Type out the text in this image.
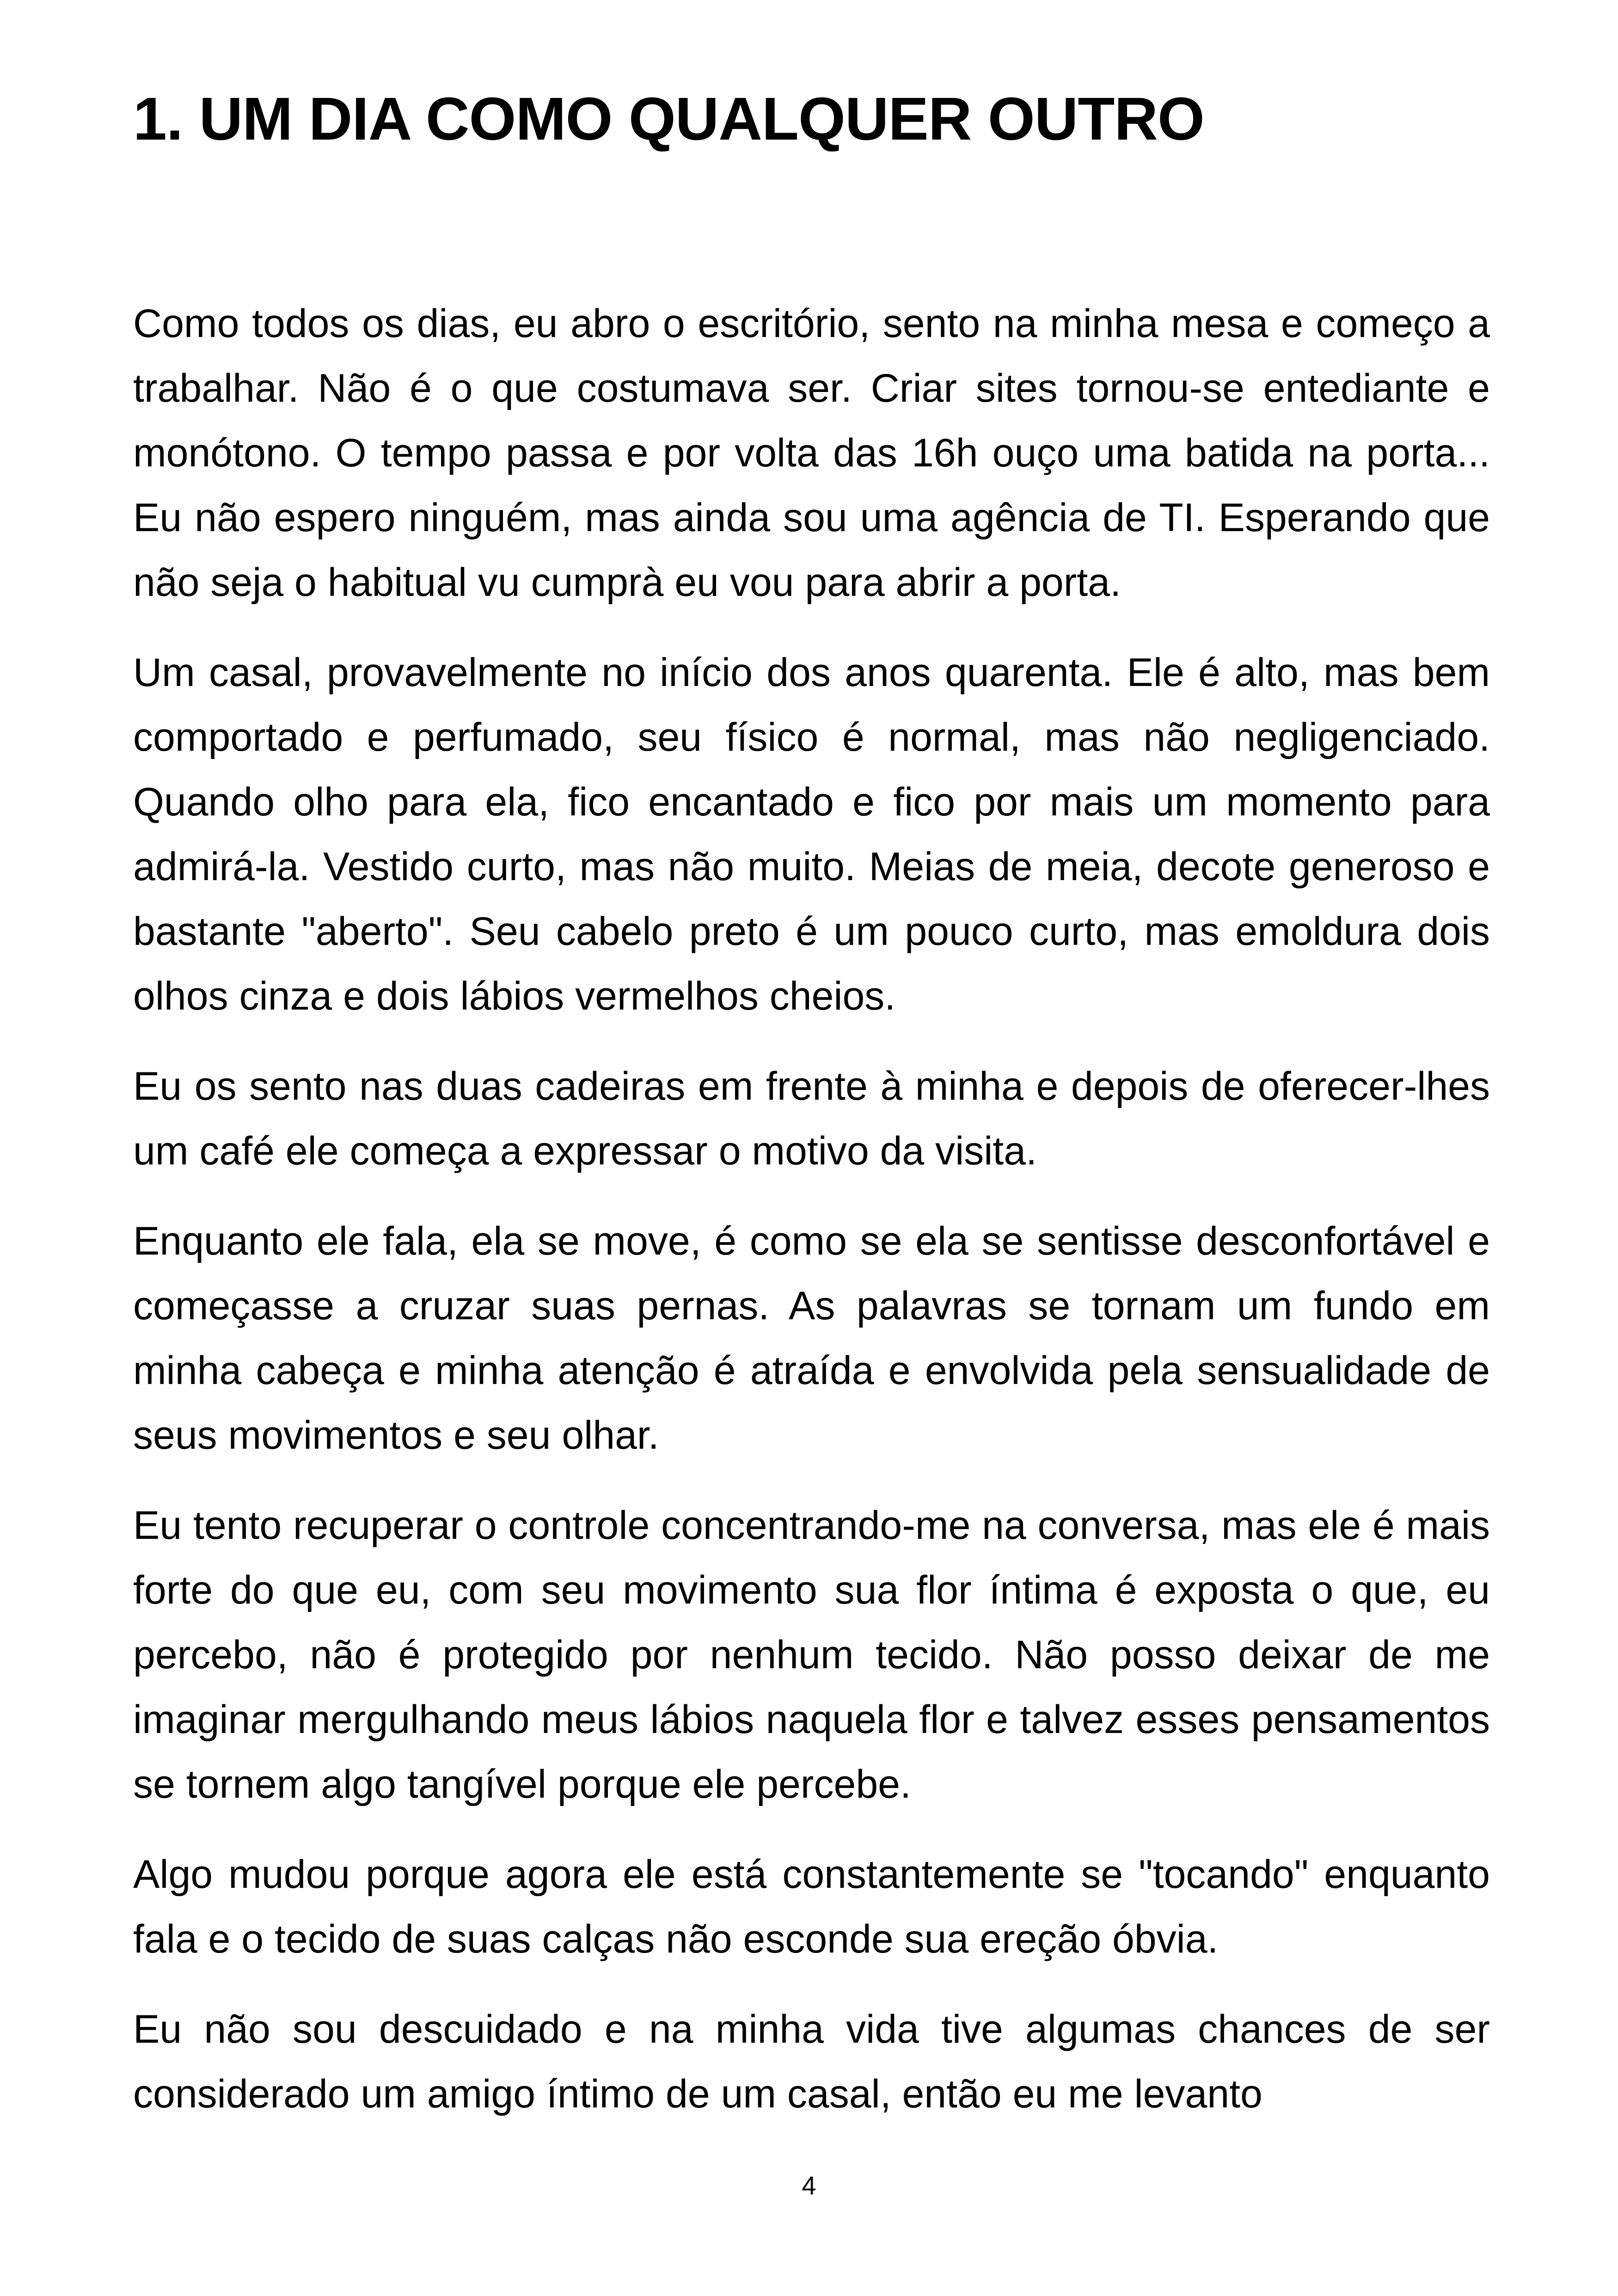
1. UM DIA COMO QUALQUER OUTRO

Como todos os dias, eu abro o escritório, sento na minha mesa e começo a trabalhar. Não é o que costumava ser. Criar sites tornou-se entediante e monótono. O tempo passa e por volta das 16h ouço uma batida na porta... Eu não espero ninguém, mas ainda sou uma agência de TI. Esperando que não seja o habitual vu cumprà eu vou para abrir a porta.

Um casal, provavelmente no início dos anos quarenta. Ele é alto, mas bem comportado e perfumado, seu físico é normal, mas não negligenciado. Quando olho para ela, fico encantado e fico por mais um momento para admirá-la. Vestido curto, mas não muito. Meias de meia, decote generoso e bastante "aberto". Seu cabelo preto é um pouco curto, mas emoldura dois olhos cinza e dois lábios vermelhos cheios.

Eu os sento nas duas cadeiras em frente à minha e depois de oferecer-lhes um café ele começa a expressar o motivo da visita.

Enquanto ele fala, ela se move, é como se ela se sentisse desconfortável e começasse a cruzar suas pernas. As palavras se tornam um fundo em minha cabeça e minha atenção é atraída e envolvida pela sensualidade de seus movimentos e seu olhar.

Eu tento recuperar o controle concentrando-me na conversa, mas ele é mais forte do que eu, com seu movimento sua flor íntima é exposta o que, eu percebo, não é protegido por nenhum tecido. Não posso deixar de me imaginar mergulhando meus lábios naquela flor e talvez esses pensamentos se tornem algo tangível porque ele percebe.

Algo mudou porque agora ele está constantemente se "tocando" enquanto fala e o tecido de suas calças não esconde sua ereção óbvia.

Eu não sou descuidado e na minha vida tive algumas chances de ser considerado um amigo íntimo de um casal, então eu me levanto

4
